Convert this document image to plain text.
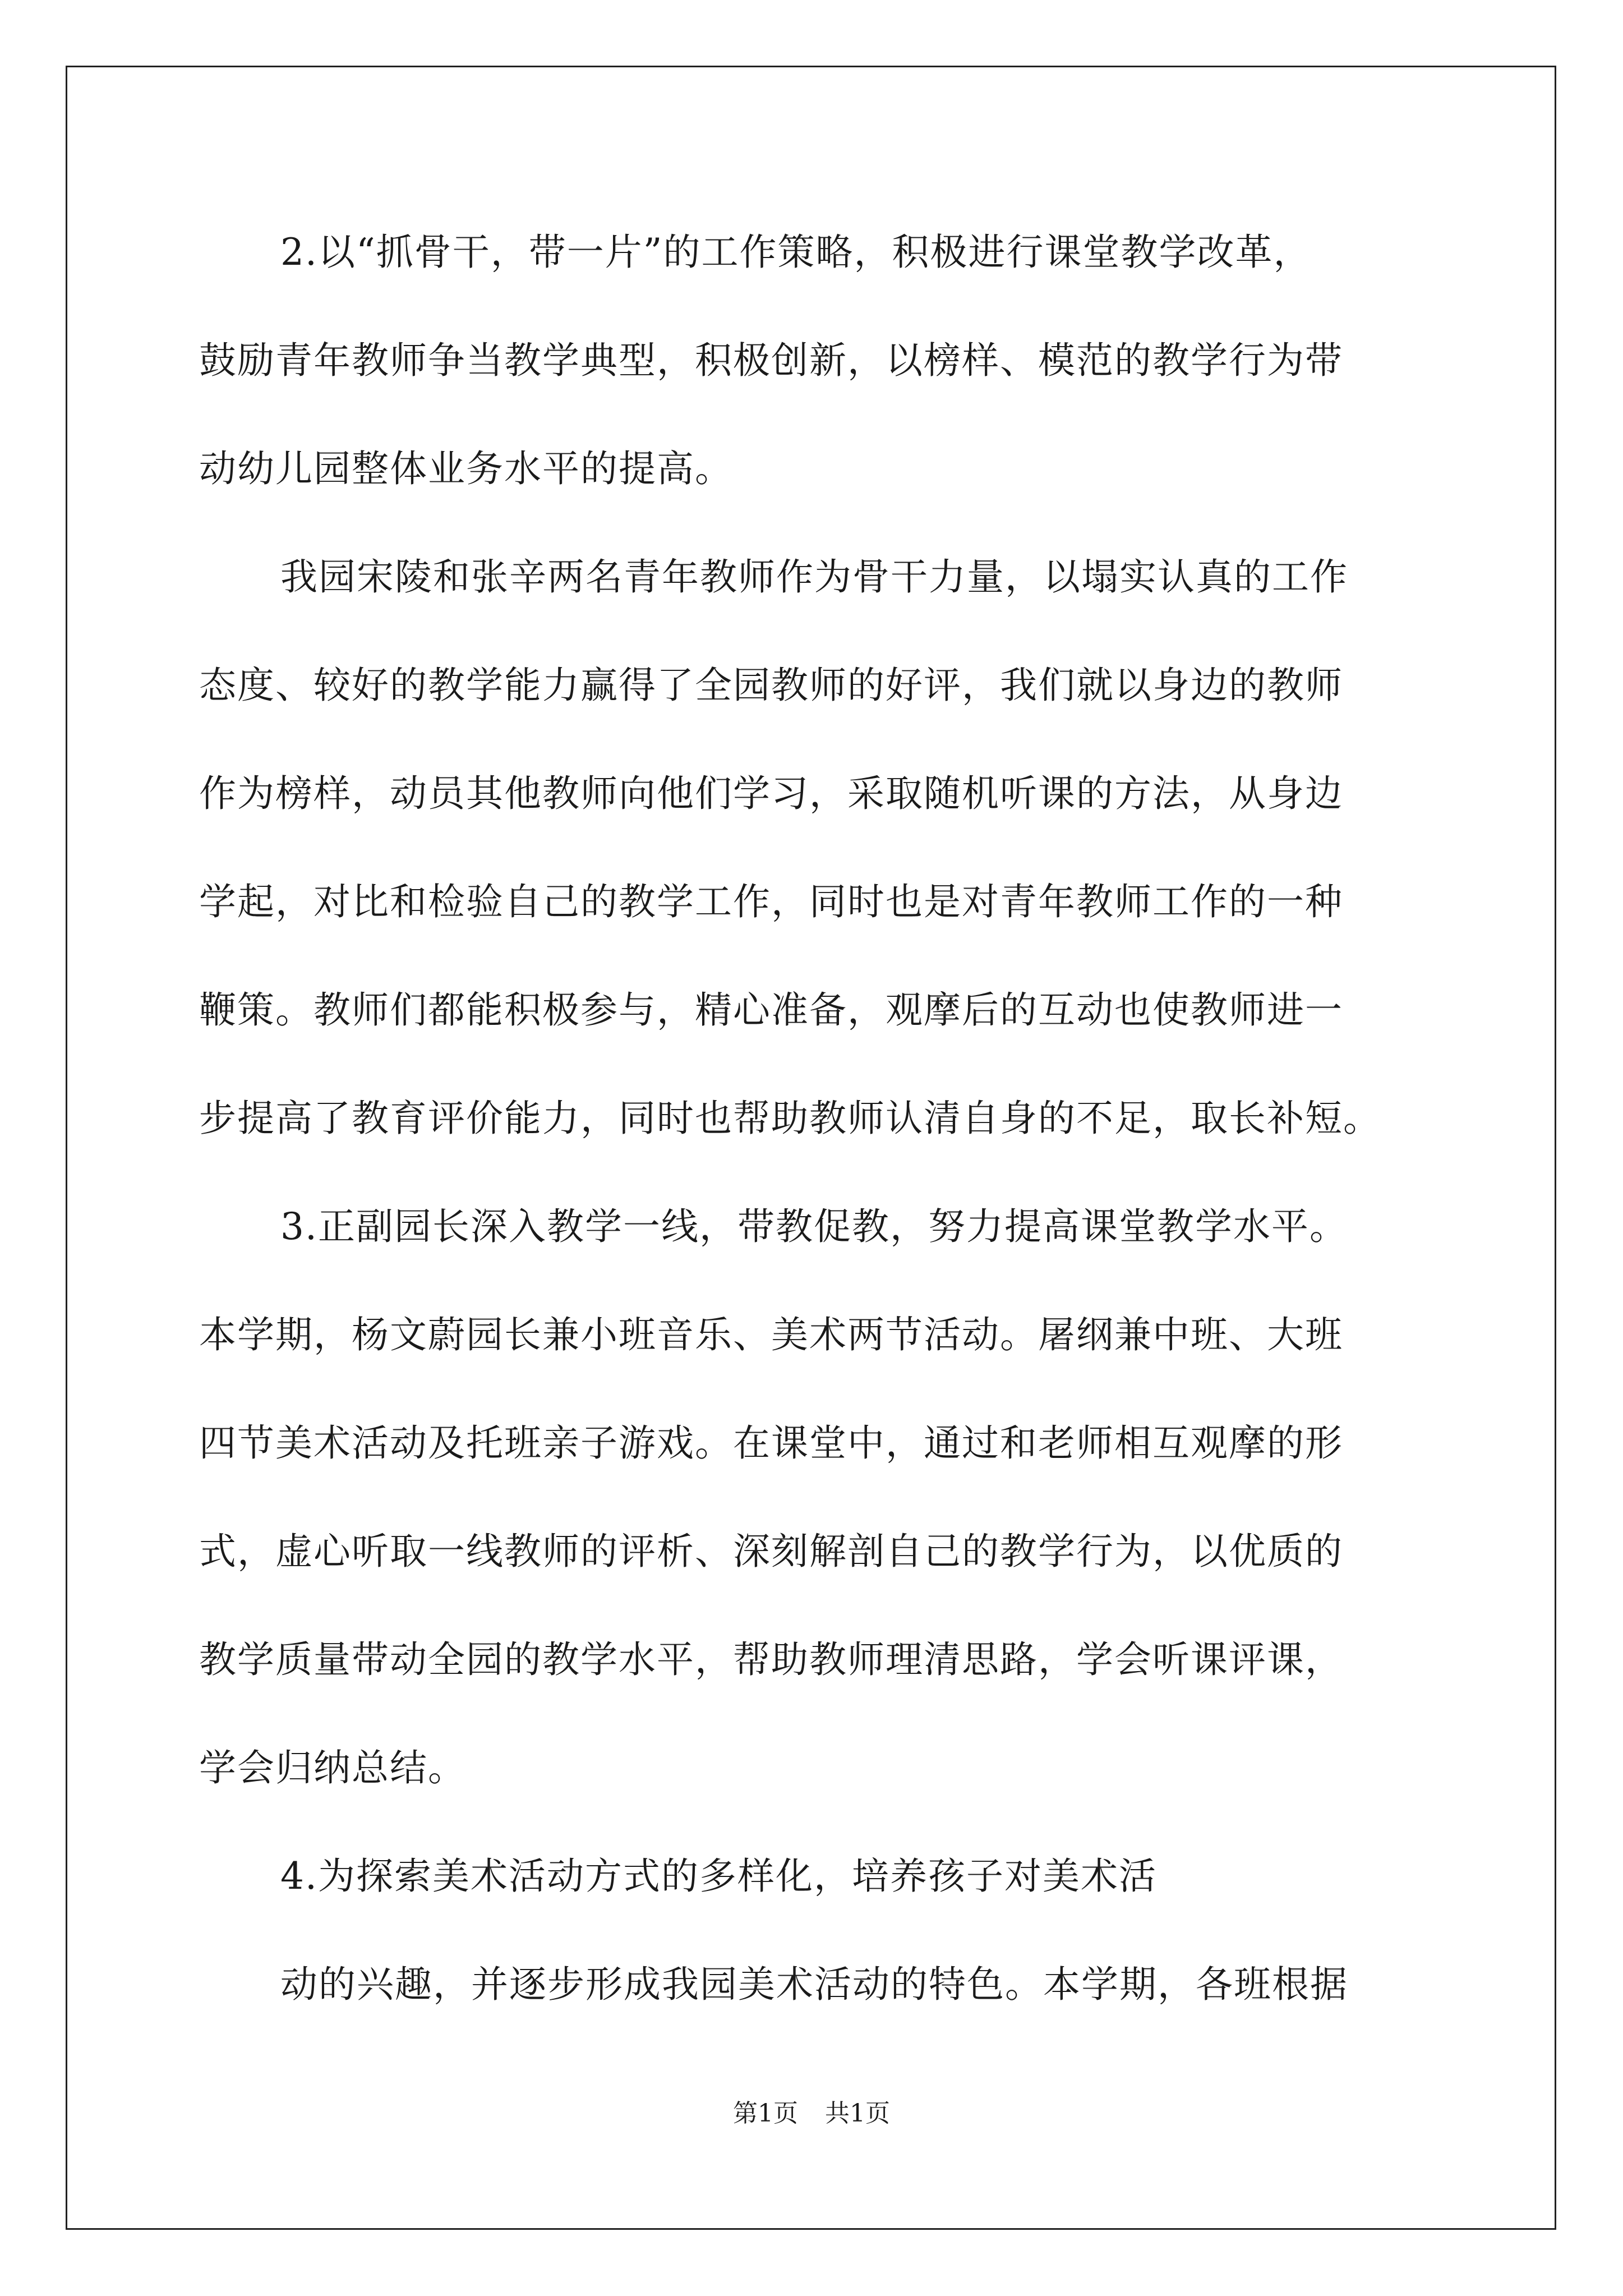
2.以“抓骨干，带一片”的工作策略，积极进行课堂教学改革，

鼓励青年教师争当教学典型，积极创新，以榜样、模范的教学行为带

动幼儿园整体业务水平的提高。

我园宋陵和张辛两名青年教师作为骨干力量，以塌实认真的工作

态度、较好的教学能力赢得了全园教师的好评，我们就以身边的教师

作为榜样，动员其他教师向他们学习，采取随机听课的方法，从身边

学起，对比和检验自己的教学工作，同时也是对青年教师工作的一种

鞭策。教师们都能积极参与，精心准备，观摩后的互动也使教师进一

步提高了教育评价能力，同时也帮助教师认清自身的不足，取长补短。

3.正副园长深入教学一线，带教促教，努力提高课堂教学水平。

本学期，杨文蔚园长兼小班音乐、美术两节活动。屠纲兼中班、大班

四节美术活动及托班亲子游戏。在课堂中，通过和老师相互观摩的形

式，虚心听取一线教师的评析、深刻解剖自己的教学行为，以优质的

教学质量带动全园的教学水平，帮助教师理清思路，学会听课评课，

学会归纳总结。

4.为探索美术活动方式的多样化，培养孩子对美术活

动的兴趣，并逐步形成我园美术活动的特色。本学期，各班根据

第1页 共1页
